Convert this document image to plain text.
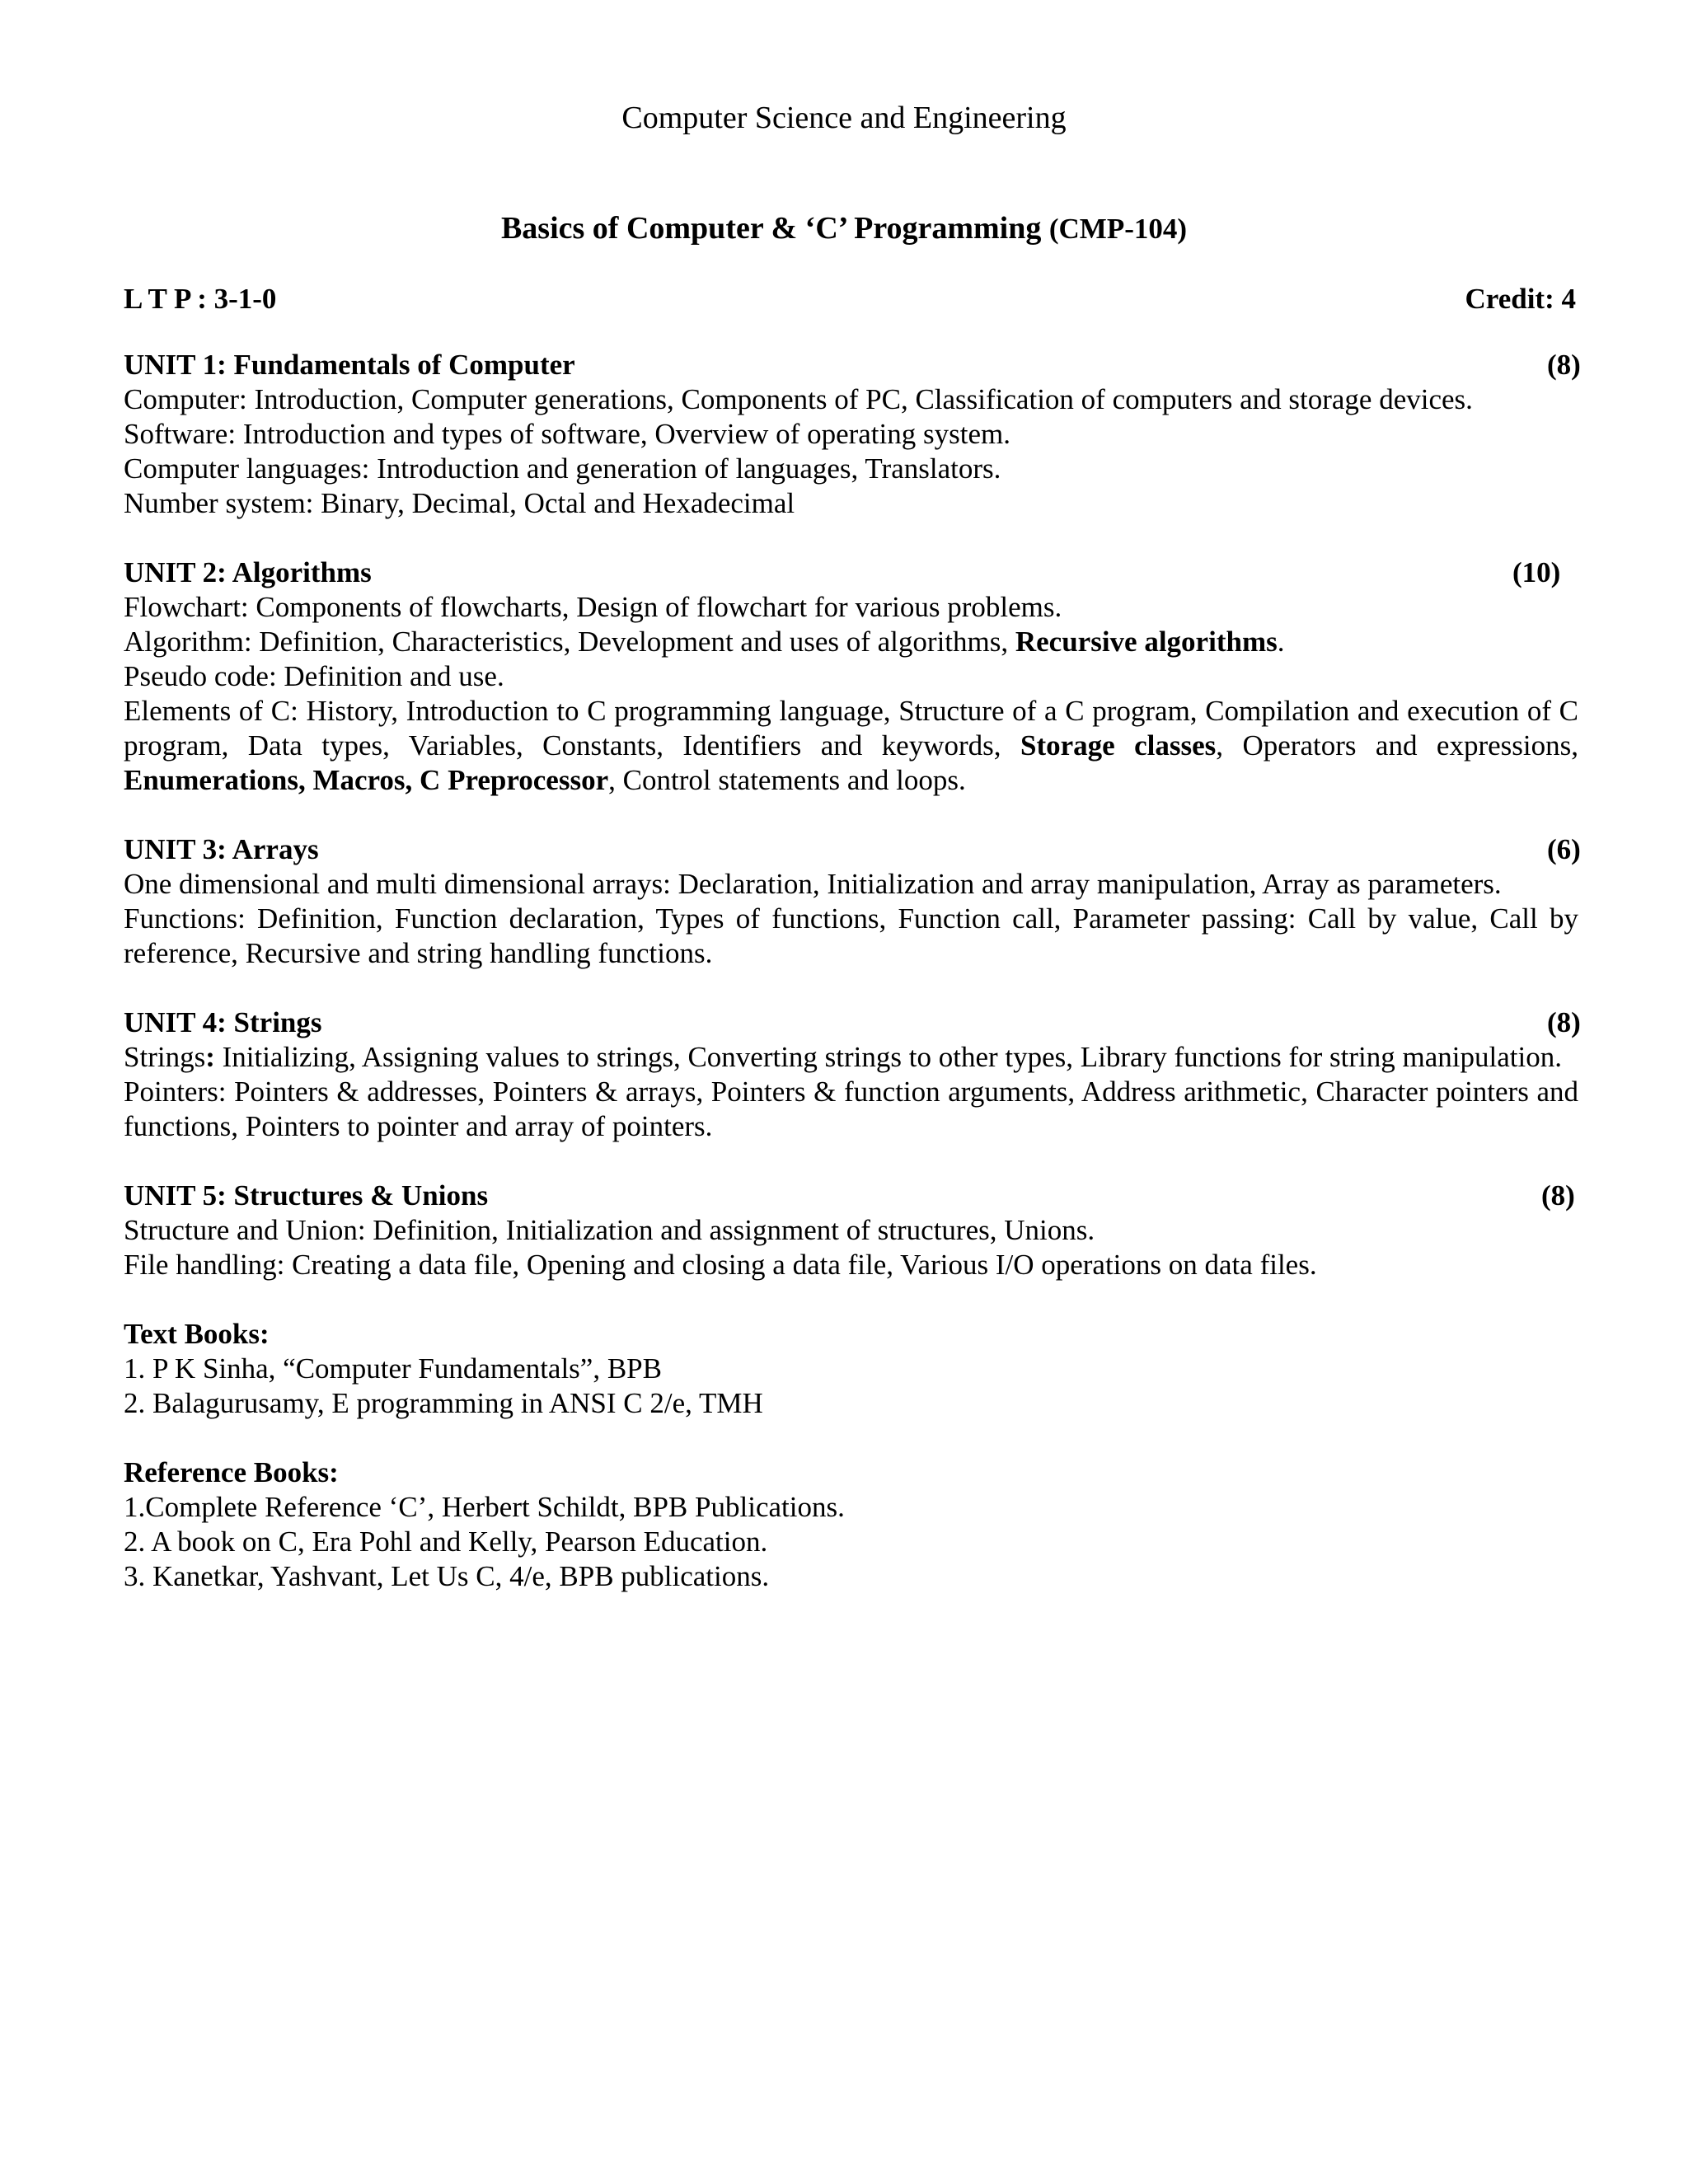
Computer Science and Engineering
Basics of Computer & ‘C’ Programming (CMP-104)
L T P : 3-1-0	Credit: 4
UNIT 1: Fundamentals of Computer	(8)
Computer: Introduction, Computer generations, Components of PC, Classification of computers and storage devices.
Software: Introduction and types of software, Overview of operating system.
Computer languages: Introduction and generation of languages, Translators.
Number system: Binary, Decimal, Octal and Hexadecimal
UNIT 2: Algorithms	(10)
Flowchart: Components of flowcharts, Design of flowchart for various problems.
Algorithm: Definition, Characteristics, Development and uses of algorithms, Recursive algorithms.
Pseudo code: Definition and use.
Elements of C: History, Introduction to C programming language, Structure of a C program, Compilation and execution of C program, Data types, Variables, Constants, Identifiers and keywords, Storage classes, Operators and expressions, Enumerations, Macros, C Preprocessor, Control statements and loops.
UNIT 3: Arrays	(6)
One dimensional and multi dimensional arrays: Declaration, Initialization and array manipulation, Array as parameters.
Functions: Definition, Function declaration, Types of functions, Function call, Parameter passing: Call by value, Call by reference, Recursive and string handling functions.
UNIT 4: Strings	(8)
Strings: Initializing, Assigning values to strings, Converting strings to other types, Library functions for string manipulation.
Pointers: Pointers & addresses, Pointers & arrays, Pointers & function arguments, Address arithmetic, Character pointers and functions, Pointers to pointer and array of pointers.
UNIT 5: Structures & Unions	(8)
Structure and Union: Definition, Initialization and assignment of structures, Unions.
File handling: Creating a data file, Opening and closing a data file, Various I/O operations on data files.
Text Books:
1. P K Sinha, “Computer Fundamentals”, BPB
2. Balagurusamy, E programming in ANSI C 2/e, TMH
Reference Books:
1.Complete Reference ‘C’, Herbert Schildt, BPB Publications.
2. A book on C, Era Pohl and Kelly, Pearson Education.
3. Kanetkar, Yashvant, Let Us C, 4/e, BPB publications.
